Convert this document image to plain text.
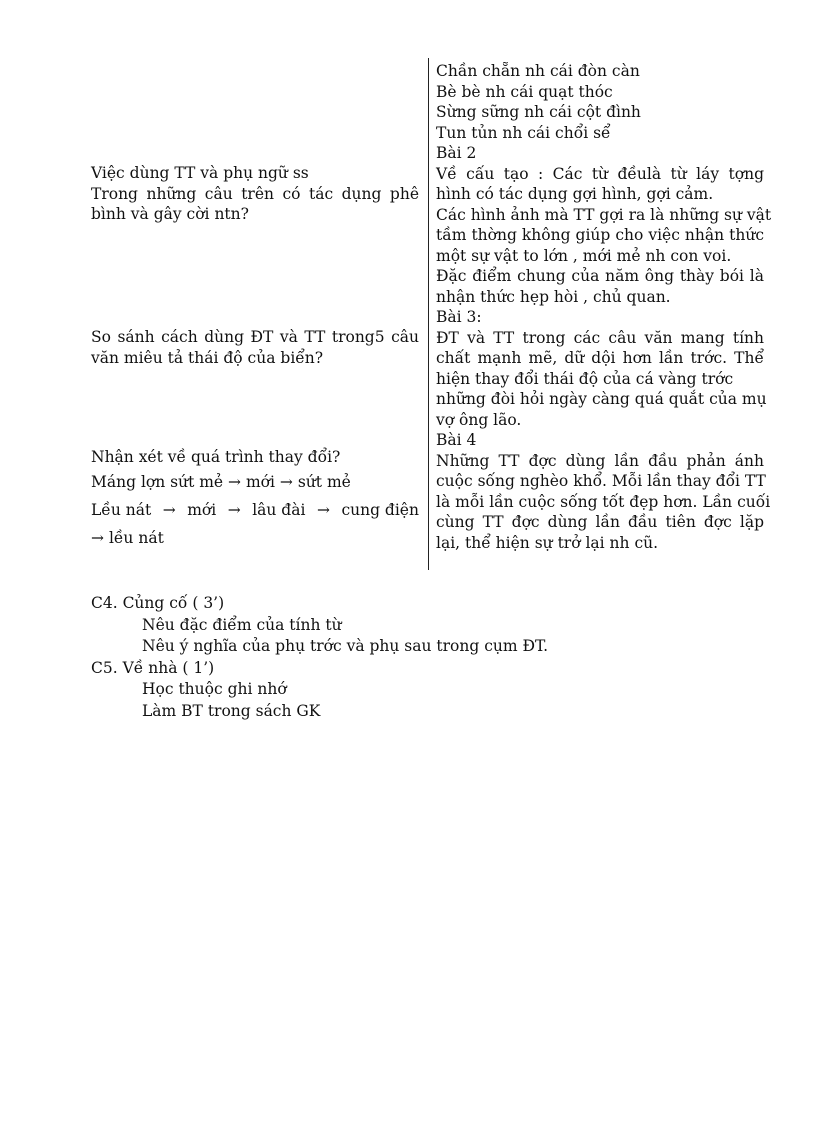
Chần chẵn nh cái đòn càn
Bè bè nh cái quạt thóc
Sừng sững nh cái cột đình
Tun tủn nh cái chổi sể
Bài 2
Về cấu tạo : Các từ đềulà từ láy tợng
hình có tác dụng gợi hình, gợi cảm.
Các hình ảnh mà TT gợi ra là những sự vật
tầm thờng không giúp cho việc nhận thức
một sự vật to lớn , mới mẻ nh con voi.
Đặc điểm chung của năm ông thày bói là
nhận thức hẹp hòi , chủ quan.
Bài 3:
ĐT và TT trong các câu văn mang tính
chất mạnh mẽ, dữ dội hơn lần trớc. Thể
hiện thay đổi thái độ của cá vàng trớc
những đòi hỏi ngày càng quá quắt của mụ
vợ ông lão.
Bài 4
Những TT đợc dùng lần đầu phản ánh
cuộc sống nghèo khổ. Mỗi lần thay đổi TT
là mỗi lần cuộc sống tốt đẹp hơn. Lần cuối
cùng TT đợc dùng lần đầu tiên đợc lặp
lại, thể hiện sự trở lại nh cũ.
Việc dùng TT và phụ ngữ ss
Trong những câu trên có tác dụng phê
bình và gây cời ntn?
So sánh cách dùng ĐT và TT trong5 câu
văn miêu tả thái độ của biển?
Nhận xét về quá trình thay đổi?
Máng lợn sứt mẻ → mới → sứt mẻ
Lều nát → mới → lâu đài → cung điện
→ lều nát
C4. Củng cố ( 3’)
Nêu đặc điểm của tính từ
Nêu ý nghĩa của phụ trớc và phụ sau trong cụm ĐT.
C5. Về nhà ( 1’)
Học thuộc ghi nhớ
Làm BT trong sách GK
